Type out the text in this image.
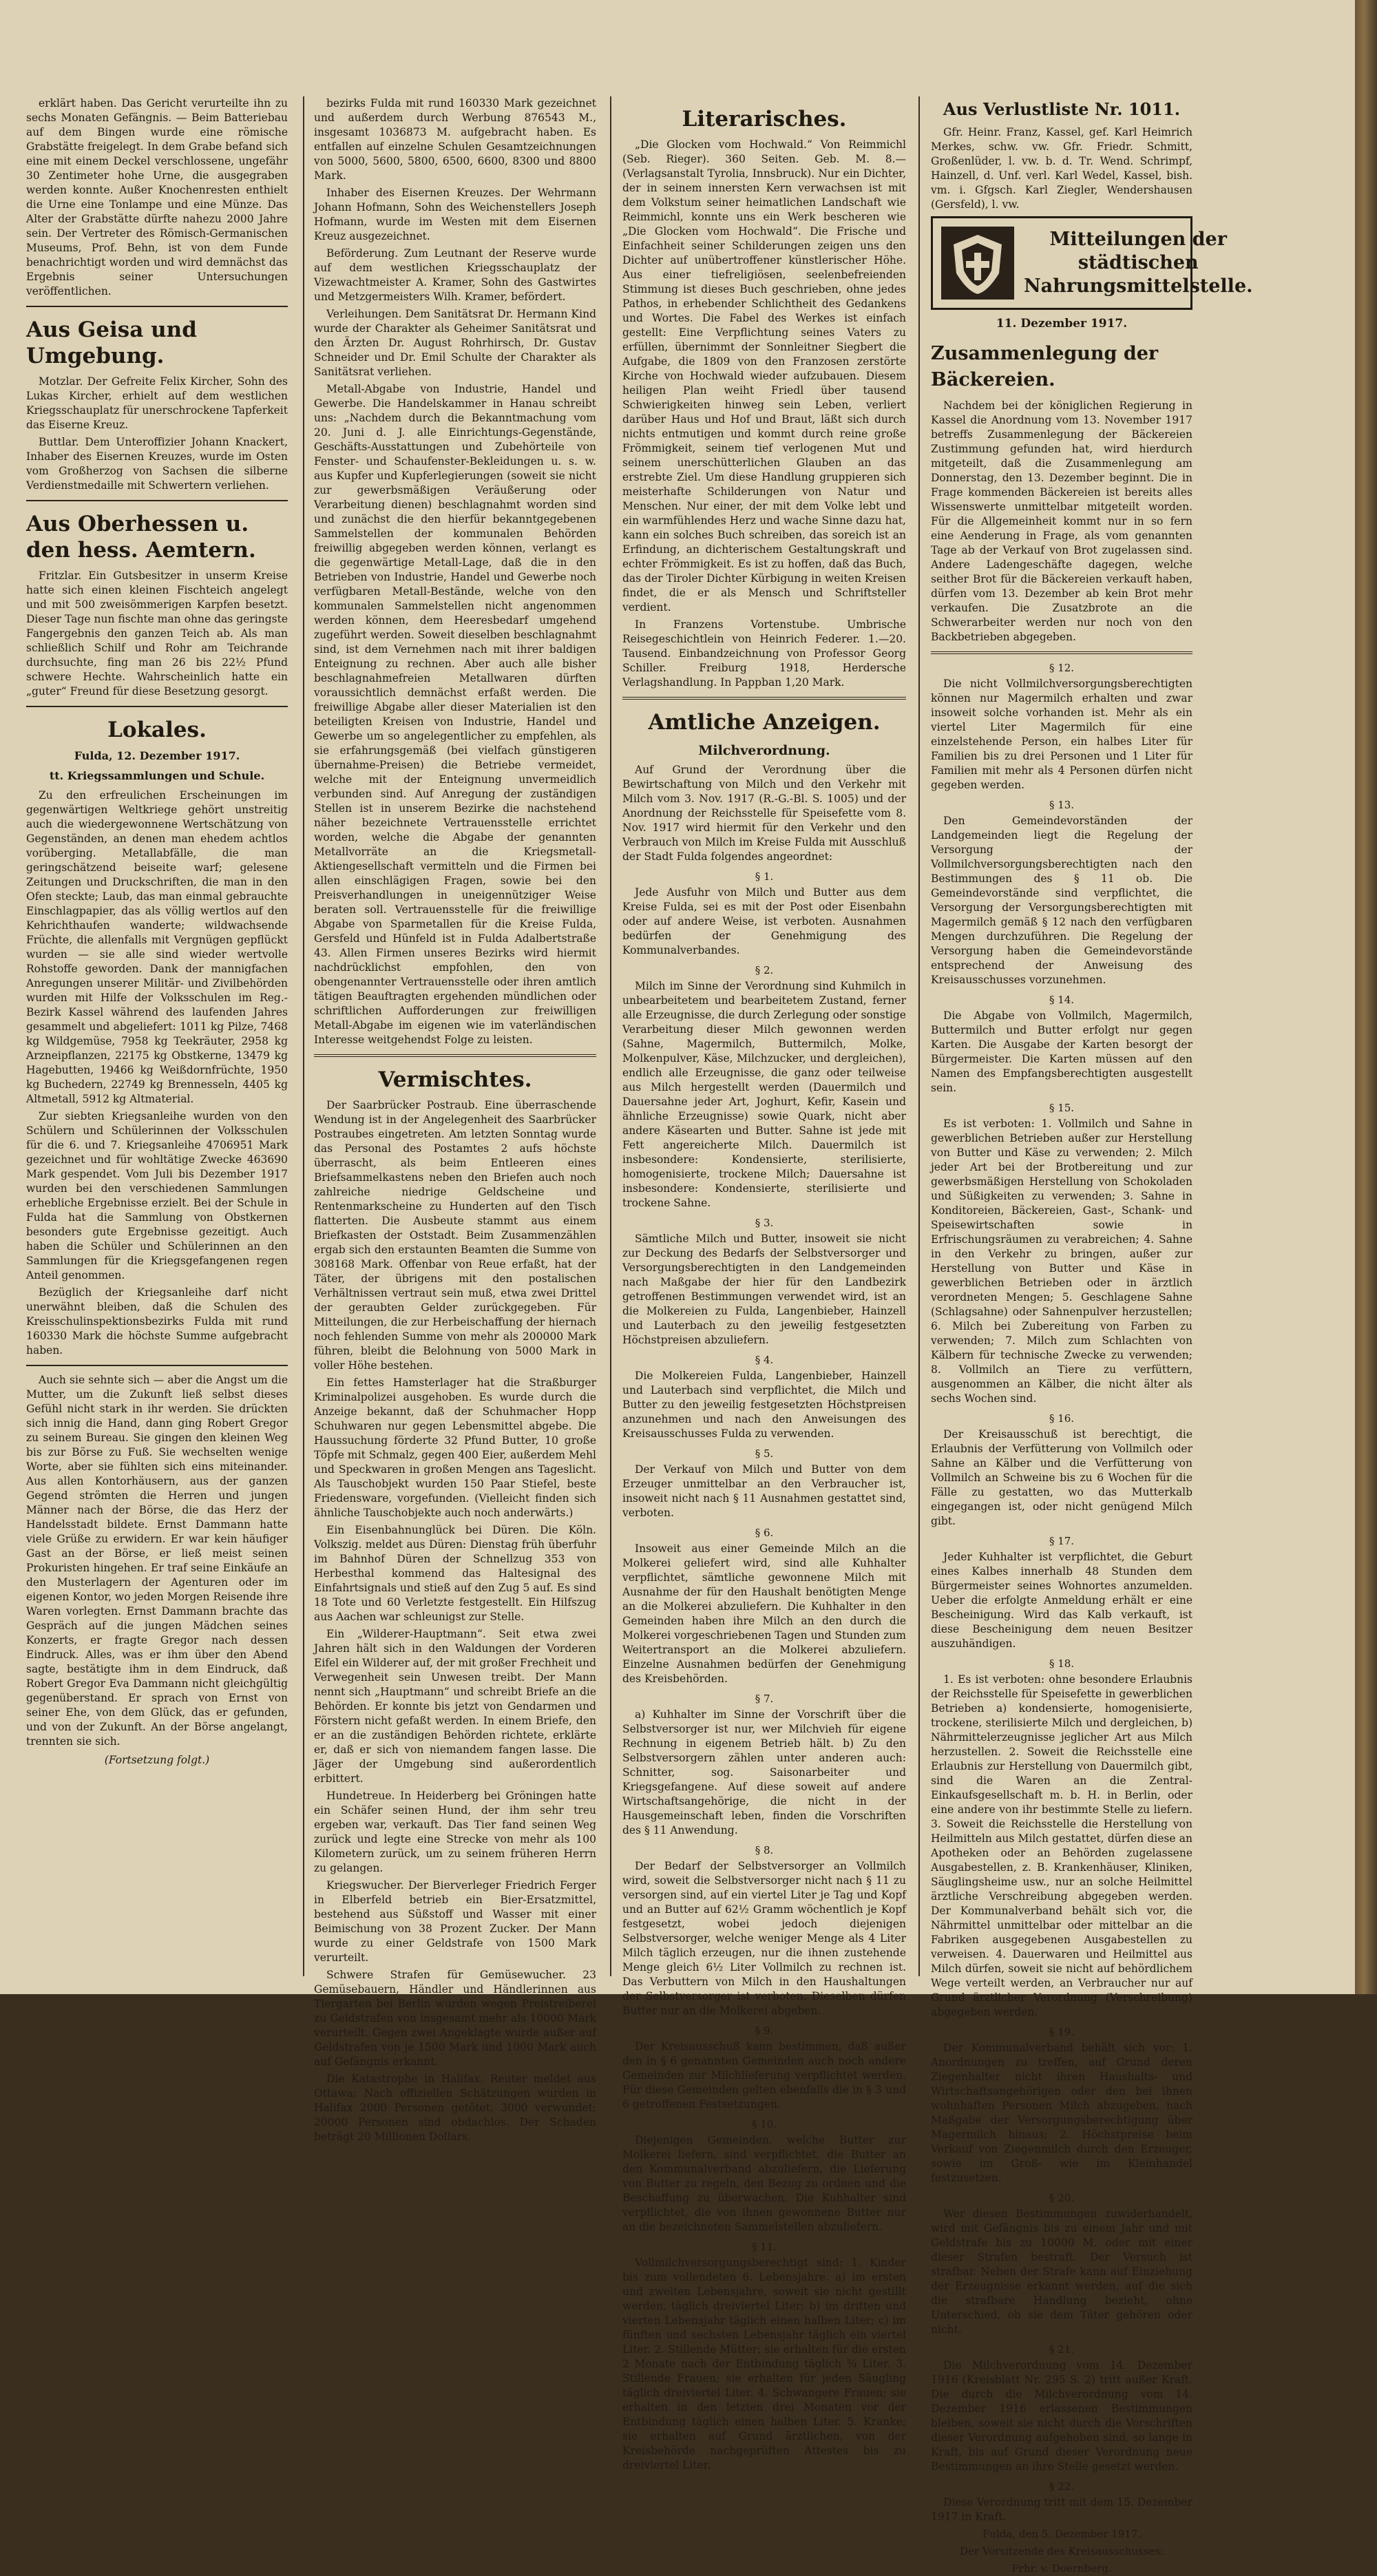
erklärt haben. Das Gericht verurteilte ihn zu sechs Monaten Gefängnis. — Beim Batteriebau auf dem Bingen wurde eine römische Grabstätte freigelegt. In dem Grabe befand sich eine mit einem Deckel verschlossene, ungefähr 30 Zentimeter hohe Urne, die ausgegraben werden konnte. Außer Knochenresten enthielt die Urne eine Tonlampe und eine Münze. Das Alter der Grabstätte dürfte nahezu 2000 Jahre sein. Der Vertreter des Römisch-Germanischen Museums, Prof. Behn, ist von dem Funde benachrichtigt worden und wird demnächst das Ergebnis seiner Untersuchungen veröffentlichen.

Aus Geisa und Umgebung.

Motzlar. Der Gefreite Felix Kircher, Sohn des Lukas Kircher, erhielt auf dem westlichen Kriegsschauplatz für unerschrockene Tapferkeit das Eiserne Kreuz.

Buttlar. Dem Unteroffizier Johann Knackert, Inhaber des Eisernen Kreuzes, wurde im Osten vom Großherzog von Sachsen die silberne Verdienstmedaille mit Schwertern verliehen.

Aus Oberhessen u. den hess. Aemtern.

Fritzlar. Ein Gutsbesitzer in unserm Kreise hatte sich einen kleinen Fischteich angelegt und mit 500 zweisömmerigen Karpfen besetzt. Dieser Tage nun fischte man ohne das geringste Fangergebnis den ganzen Teich ab. Als man schließlich Schilf und Rohr am Teichrande durchsuchte, fing man 26 bis 22½ Pfund schwere Hechte. Wahrscheinlich hatte ein „guter“ Freund für diese Besetzung gesorgt.

Lokales.
Fulda, 12. Dezember 1917.
tt. Kriegssammlungen und Schule.

Zu den erfreulichen Erscheinungen im gegenwärtigen Weltkriege gehört unstreitig auch die wiedergewonnene Wertschätzung von Gegenständen, an denen man ehedem achtlos vorüberging. Metallabfälle, die man geringschätzend beiseite warf; gelesene Zeitungen und Druckschriften, die man in den Ofen steckte; Laub, das man einmal gebrauchte Einschlagpapier, das als völlig wertlos auf den Kehrichthaufen wanderte; wildwachsende Früchte, die allenfalls mit Vergnügen gepflückt wurden — sie alle sind wieder wertvolle Rohstoffe geworden. Dank der mannigfachen Anregungen unserer Militär- und Zivilbehörden wurden mit Hilfe der Volksschulen im Reg.-Bezirk Kassel während des laufenden Jahres gesammelt und abgeliefert: 1011 kg Pilze, 7468 kg Wildgemüse, 7958 kg Teekräuter, 2958 kg Arzneipflanzen, 22175 kg Obstkerne, 13479 kg Hagebutten, 19466 kg Weißdornfrüchte, 1950 kg Buchedern, 22749 kg Brennesseln, 4405 kg Altmetall, 5912 kg Altmaterial.

Zur siebten Kriegsanleihe wurden von den Schülern und Schülerinnen der Volksschulen für die 6. und 7. Kriegsanleihe 4706951 Mark gezeichnet und für wohltätige Zwecke 463690 Mark gespendet. Vom Juli bis Dezember 1917 wurden bei den verschiedenen Sammlungen erhebliche Ergebnisse erzielt. Bei der Schule in Fulda hat die Sammlung von Obstkernen besonders gute Ergebnisse gezeitigt. Auch haben die Schüler und Schülerinnen an den Sammlungen für die Kriegsgefangenen regen Anteil genommen.

Bezüglich der Kriegsanleihe darf nicht unerwähnt bleiben, daß die Schulen des Kreisschulinspektionsbezirks Fulda mit rund 160330 Mark die höchste Summe aufgebracht haben.

Auch sie sehnte sich — aber die Angst um die Mutter, um die Zukunft ließ selbst dieses Gefühl nicht stark in ihr werden. Sie drückten sich innig die Hand, dann ging Robert Gregor zu seinem Bureau. Sie gingen den kleinen Weg bis zur Börse zu Fuß. Sie wechselten wenige Worte, aber sie fühlten sich eins miteinander. Aus allen Kontorhäusern, aus der ganzen Gegend strömten die Herren und jungen Männer nach der Börse, die das Herz der Handelsstadt bildete. Ernst Dammann hatte viele Grüße zu erwidern. Er war kein häufiger Gast an der Börse, er ließ meist seinen Prokuristen hingehen. Er traf seine Einkäufe an den Musterlagern der Agenturen oder im eigenen Kontor, wo jeden Morgen Reisende ihre Waren vorlegten. Ernst Dammann brachte das Gespräch auf die jungen Mädchen seines Konzerts, er fragte Gregor nach dessen Eindruck. Alles, was er ihm über den Abend sagte, bestätigte ihm in dem Eindruck, daß Robert Gregor Eva Dammann nicht gleichgültig gegenüberstand. Er sprach von Ernst von seiner Ehe, von dem Glück, das er gefunden, und von der Zukunft. An der Börse angelangt, trennten sie sich.

(Fortsetzung folgt.)

bezirks Fulda mit rund 160330 Mark gezeichnet und außerdem durch Werbung 876543 M., insgesamt 1036873 M. aufgebracht haben. Es entfallen auf einzelne Schulen Gesamtzeichnungen von 5000, 5600, 5800, 6500, 6600, 8300 und 8800 Mark.

Inhaber des Eisernen Kreuzes. Der Wehrmann Johann Hofmann, Sohn des Weichenstellers Joseph Hofmann, wurde im Westen mit dem Eisernen Kreuz ausgezeichnet.

Beförderung. Zum Leutnant der Reserve wurde auf dem westlichen Kriegsschauplatz der Vizewachtmeister A. Kramer, Sohn des Gastwirtes und Metzgermeisters Wilh. Kramer, befördert.

Verleihungen. Dem Sanitätsrat Dr. Hermann Kind wurde der Charakter als Geheimer Sanitätsrat und den Ärzten Dr. August Rohrhirsch, Dr. Gustav Schneider und Dr. Emil Schulte der Charakter als Sanitätsrat verliehen.

Metall-Abgabe von Industrie, Handel und Gewerbe. Die Handelskammer in Hanau schreibt uns: „Nachdem durch die Bekanntmachung vom 20. Juni d. J. alle Einrichtungs-Gegenstände, Geschäfts-Ausstattungen und Zubehörteile von Fenster- und Schaufenster-Bekleidungen u. s. w. aus Kupfer und Kupferlegierungen (soweit sie nicht zur gewerbsmäßigen Veräußerung oder Verarbeitung dienen) beschlagnahmt worden sind und zunächst die den hierfür bekanntgegebenen Sammelstellen der kommunalen Behörden freiwillig abgegeben werden können, verlangt es die gegenwärtige Metall-Lage, daß die in den Betrieben von Industrie, Handel und Gewerbe noch verfügbaren Metall-Bestände, welche von den kommunalen Sammelstellen nicht angenommen werden können, dem Heeresbedarf umgehend zugeführt werden. Soweit dieselben beschlagnahmt sind, ist dem Vernehmen nach mit ihrer baldigen Enteignung zu rechnen. Aber auch alle bisher beschlagnahmefreien Metallwaren dürften voraussichtlich demnächst erfaßt werden. Die freiwillige Abgabe aller dieser Materialien ist den beteiligten Kreisen von Industrie, Handel und Gewerbe um so angelegentlicher zu empfehlen, als sie erfahrungsgemäß (bei vielfach günstigeren übernahme-Preisen) die Betriebe vermeidet, welche mit der Enteignung unvermeidlich verbunden sind. Auf Anregung der zuständigen Stellen ist in unserem Bezirke die nachstehend näher bezeichnete Vertrauensstelle errichtet worden, welche die Abgabe der genannten Metallvorräte an die Kriegsmetall-Aktiengesellschaft vermitteln und die Firmen bei allen einschlägigen Fragen, sowie bei den Preisverhandlungen in uneigennütziger Weise beraten soll. Vertrauensstelle für die freiwillige Abgabe von Sparmetallen für die Kreise Fulda, Gersfeld und Hünfeld ist in Fulda Adalbertstraße 43. Allen Firmen unseres Bezirks wird hiermit nachdrücklichst empfohlen, den von obengenannter Vertrauensstelle oder ihren amtlich tätigen Beauftragten ergehenden mündlichen oder schriftlichen Aufforderungen zur freiwilligen Metall-Abgabe im eigenen wie im vaterländischen Interesse weitgehendst Folge zu leisten.

Vermischtes.

Der Saarbrücker Postraub. Eine überraschende Wendung ist in der Angelegenheit des Saarbrücker Postraubes eingetreten. Am letzten Sonntag wurde das Personal des Postamtes 2 aufs höchste überrascht, als beim Entleeren eines Briefsammelkastens neben den Briefen auch noch zahlreiche niedrige Geldscheine und Rentenmarkscheine zu Hunderten auf den Tisch flatterten. Die Ausbeute stammt aus einem Briefkasten der Oststadt. Beim Zusammenzählen ergab sich den erstaunten Beamten die Summe von 308168 Mark. Offenbar von Reue erfaßt, hat der Täter, der übrigens mit den postalischen Verhältnissen vertraut sein muß, etwa zwei Drittel der geraubten Gelder zurückgegeben. Für Mitteilungen, die zur Herbeischaffung der hiernach noch fehlenden Summe von mehr als 200000 Mark führen, bleibt die Belohnung von 5000 Mark in voller Höhe bestehen.

Ein fettes Hamsterlager hat die Straßburger Kriminalpolizei ausgehoben. Es wurde durch die Anzeige bekannt, daß der Schuhmacher Hopp Schuhwaren nur gegen Lebensmittel abgebe. Die Haussuchung förderte 32 Pfund Butter, 10 große Töpfe mit Schmalz, gegen 400 Eier, außerdem Mehl und Speckwaren in großen Mengen ans Tageslicht. Als Tauschobjekt wurden 150 Paar Stiefel, beste Friedensware, vorgefunden. (Vielleicht finden sich ähnliche Tauschobjekte auch noch anderwärts.)

Ein Eisenbahnunglück bei Düren. Die Köln. Volkszig. meldet aus Düren: Dienstag früh überfuhr im Bahnhof Düren der Schnellzug 353 von Herbesthal kommend das Haltesignal des Einfahrtsignals und stieß auf den Zug 5 auf. Es sind 18 Tote und 60 Verletzte festgestellt. Ein Hilfszug aus Aachen war schleunigst zur Stelle.

Ein „Wilderer-Hauptmann“. Seit etwa zwei Jahren hält sich in den Waldungen der Vorderen Eifel ein Wilderer auf, der mit großer Frechheit und Verwegenheit sein Unwesen treibt. Der Mann nennt sich „Hauptmann“ und schreibt Briefe an die Behörden. Er konnte bis jetzt von Gendarmen und Förstern nicht gefaßt werden. In einem Briefe, den er an die zuständigen Behörden richtete, erklärte er, daß er sich von niemandem fangen lasse. Die Jäger der Umgebung sind außerordentlich erbittert.

Hundetreue. In Heiderberg bei Gröningen hatte ein Schäfer seinen Hund, der ihm sehr treu ergeben war, verkauft. Das Tier fand seinen Weg zurück und legte eine Strecke von mehr als 100 Kilometern zurück, um zu seinem früheren Herrn zu gelangen.

Kriegswucher. Der Bierverleger Friedrich Ferger in Elberfeld betrieb ein Bier-Ersatzmittel, bestehend aus Süßstoff und Wasser mit einer Beimischung von 38 Prozent Zucker. Der Mann wurde zu einer Geldstrafe von 1500 Mark verurteilt.

Schwere Strafen für Gemüsewucher. 23 Gemüsebauern, Händler und Händlerinnen aus Tiergarten bei Berlin wurden wegen Preistreiberei zu Geldstrafen von insgesamt mehr als 10000 Mark verurteilt. Gegen zwei Angeklagte wurde außer auf Geldstrafen von je 1500 Mark und 1000 Mark auch auf Gefängnis erkannt.

Die Katastrophe in Halifax. Reuter meldet aus Ottawa: Nach offiziellen Schätzungen wurden in Halifax 2000 Personen getötet, 3000 verwundet; 20000 Personen sind obdachlos. Der Schaden beträgt 20 Millionen Dollars.

Literarisches.

„Die Glocken vom Hochwald.“ Von Reimmichl (Seb. Rieger). 360 Seiten. Geb. M. 8.— (Verlagsanstalt Tyrolia, Innsbruck). Nur ein Dichter, der in seinem innersten Kern verwachsen ist mit dem Volkstum seiner heimatlichen Landschaft wie Reimmichl, konnte uns ein Werk bescheren wie „Die Glocken vom Hochwald“. Die Frische und Einfachheit seiner Schilderungen zeigen uns den Dichter auf unübertroffener künstlerischer Höhe. Aus einer tiefreligiösen, seelenbefreienden Stimmung ist dieses Buch geschrieben, ohne jedes Pathos, in erhebender Schlichtheit des Gedankens und Wortes. Die Fabel des Werkes ist einfach gestellt: Eine Verpflichtung seines Vaters zu erfüllen, übernimmt der Sonnleitner Siegbert die Aufgabe, die 1809 von den Franzosen zerstörte Kirche von Hochwald wieder aufzubauen. Diesem heiligen Plan weiht Friedl über tausend Schwierigkeiten hinweg sein Leben, verliert darüber Haus und Hof und Braut, läßt sich durch nichts entmutigen und kommt durch reine große Frömmigkeit, seinem tief verlogenen Mut und seinem unerschütterlichen Glauben an das erstrebte Ziel. Um diese Handlung gruppieren sich meisterhafte Schilderungen von Natur und Menschen. Nur einer, der mit dem Volke lebt und ein warmfühlendes Herz und wache Sinne dazu hat, kann ein solches Buch schreiben, das soreich ist an Erfindung, an dichterischem Gestaltungskraft und echter Frömmigkeit. Es ist zu hoffen, daß das Buch, das der Tiroler Dichter Kürbigung in weiten Kreisen findet, die er als Mensch und Schriftsteller verdient.

In Franzens Vortenstube. Umbrische Reisegeschichtlein von Heinrich Federer. 1.—20. Tausend. Einbandzeichnung von Professor Georg Schiller. Freiburg 1918, Herdersche Verlagshandlung. In Pappban 1,20 Mark.

Amtliche Anzeigen.
Milchverordnung.

Auf Grund der Verordnung über die Bewirtschaftung von Milch und den Verkehr mit Milch vom 3. Nov. 1917 (R.-G.-Bl. S. 1005) und der Anordnung der Reichsstelle für Speisefette vom 8. Nov. 1917 wird hiermit für den Verkehr und den Verbrauch von Milch im Kreise Fulda mit Ausschluß der Stadt Fulda folgendes angeordnet:

§ 1.

Jede Ausfuhr von Milch und Butter aus dem Kreise Fulda, sei es mit der Post oder Eisenbahn oder auf andere Weise, ist verboten. Ausnahmen bedürfen der Genehmigung des Kommunalverbandes.

§ 2.

Milch im Sinne der Verordnung sind Kuhmilch in unbearbeitetem und bearbeitetem Zustand, ferner alle Erzeugnisse, die durch Zerlegung oder sonstige Verarbeitung dieser Milch gewonnen werden (Sahne, Magermilch, Buttermilch, Molke, Molkenpulver, Käse, Milchzucker, und dergleichen), endlich alle Erzeugnisse, die ganz oder teilweise aus Milch hergestellt werden (Dauermilch und Dauersahne jeder Art, Joghurt, Kefir, Kasein und ähnliche Erzeugnisse) sowie Quark, nicht aber andere Käsearten und Butter. Sahne ist jede mit Fett angereicherte Milch. Dauermilch ist insbesondere: Kondensierte, sterilisierte, homogenisierte, trockene Milch; Dauersahne ist insbesondere: Kondensierte, sterilisierte und trockene Sahne.

§ 3.

Sämtliche Milch und Butter, insoweit sie nicht zur Deckung des Bedarfs der Selbstversorger und Versorgungsberechtigten in den Landgemeinden nach Maßgabe der hier für den Landbezirk getroffenen Bestimmungen verwendet wird, ist an die Molkereien zu Fulda, Langenbieber, Hainzell und Lauterbach zu den jeweilig festgesetzten Höchstpreisen abzuliefern.

§ 4.

Die Molkereien Fulda, Langenbieber, Hainzell und Lauterbach sind verpflichtet, die Milch und Butter zu den jeweilig festgesetzten Höchstpreisen anzunehmen und nach den Anweisungen des Kreisausschusses Fulda zu verwenden.

§ 5.

Der Verkauf von Milch und Butter von dem Erzeuger unmittelbar an den Verbraucher ist, insoweit nicht nach § 11 Ausnahmen gestattet sind, verboten.

§ 6.

Insoweit aus einer Gemeinde Milch an die Molkerei geliefert wird, sind alle Kuhhalter verpflichtet, sämtliche gewonnene Milch mit Ausnahme der für den Haushalt benötigten Menge an die Molkerei abzuliefern. Die Kuhhalter in den Gemeinden haben ihre Milch an den durch die Molkerei vorgeschriebenen Tagen und Stunden zum Weitertransport an die Molkerei abzuliefern. Einzelne Ausnahmen bedürfen der Genehmigung des Kreisbehörden.

§ 7.

a) Kuhhalter im Sinne der Vorschrift über die Selbstversorger ist nur, wer Milchvieh für eigene Rechnung in eigenem Betrieb hält. b) Zu den Selbstversorgern zählen unter anderen auch: Schnitter, sog. Saisonarbeiter und Kriegsgefangene. Auf diese soweit auf andere Wirtschaftsangehörige, die nicht in der Hausgemeinschaft leben, finden die Vorschriften des § 11 Anwendung.

§ 8.

Der Bedarf der Selbstversorger an Vollmilch wird, soweit die Selbstversorger nicht nach § 11 zu versorgen sind, auf ein viertel Liter je Tag und Kopf und an Butter auf 62½ Gramm wöchentlich je Kopf festgesetzt, wobei jedoch diejenigen Selbstversorger, welche weniger Menge als 4 Liter Milch täglich erzeugen, nur die ihnen zustehende Menge gleich 6½ Liter Vollmilch zu rechnen ist. Das Verbuttern von Milch in den Haushaltungen der Selbstversorger ist verboten. Dieselben dürfen Butter nur an die Molkerei abgeben.

§ 9.

Der Kreisausschuß kann bestimmen, daß außer den in § 6 genannten Gemeinden auch noch andere Gemeinden zur Milchlieferung verpflichtet werden. Für diese Gemeinden gelten ebenfalls die in § 3 und 6 getroffenen Festsetzungen.

§ 10.

Diejenigen Gemeinden, welche Butter zur Molkerei liefern, sind verpflichtet, die Butter an den Kommunalverband abzuliefern, die Lieferung von Butter zu regeln, den Bezug zu ordnen und die Beschaffung zu überwachen. Die Kuhhalter sind verpflichtet, die von ihnen gewonnene Butter nur an die bezeichneten Sammelstellen abzuliefern.

§ 11.

Vollmilchversorgungsberechtigt sind: 1. Kinder bis zum vollendeten 6. Lebensjahre. a) im ersten und zweiten Lebensjahre, soweit sie nicht gestillt werden, täglich dreiviertel Liter; b) im dritten und vierten Lebensjahr täglich einen halben Liter; c) im fünften und sechsten Lebensjahr täglich ein viertel Liter. 2. Stillende Mütter; sie erhalten für die ersten 2 Monate nach der Entbindung täglich ¾ Liter. 3. Stillende Frauen; sie erhalten für jeden Säugling täglich dreiviertel Liter. 4. Schwangere Frauen; sie erhalten in den letzten drei Monaten vor der Entbindung täglich einen halben Liter. 5. Kranke; sie erhalten auf Grund ärztlichen, von der Kreisbehörde nachgeprüften Attestes bis zu dreiviertel Liter.

Aus Verlustliste Nr. 1011.

Gfr. Heinr. Franz, Kassel, gef. Karl Heimrich Merkes, schw. vw. Gfr. Friedr. Schmitt, Großenlüder, l. vw. b. d. Tr. Wend. Schrimpf, Hainzell, d. Unf. verl. Karl Wedel, Kassel, bish. vm. i. Gfgsch. Karl Ziegler, Wendershausen (Gersfeld), l. vw.

Mitteilungen der städtischen Nahrungsmittelstelle.
11. Dezember 1917.
Zusammenlegung der Bäckereien.

Nachdem bei der königlichen Regierung in Kassel die Anordnung vom 13. November 1917 betreffs Zusammenlegung der Bäckereien Zustimmung gefunden hat, wird hierdurch mitgeteilt, daß die Zusammenlegung am Donnerstag, den 13. Dezember beginnt. Die in Frage kommenden Bäckereien ist bereits alles Wissenswerte unmittelbar mitgeteilt worden. Für die Allgemeinheit kommt nur in so fern eine Aenderung in Frage, als vom genannten Tage ab der Verkauf von Brot zugelassen sind. Andere Ladengeschäfte dagegen, welche seither Brot für die Bäckereien verkauft haben, dürfen vom 13. Dezember ab kein Brot mehr verkaufen. Die Zusatzbrote an die Schwerarbeiter werden nur noch von den Backbetrieben abgegeben.

§ 12.

Die nicht Vollmilchversorgungsberechtigten können nur Magermilch erhalten und zwar insoweit solche vorhanden ist. Mehr als ein viertel Liter Magermilch für eine einzelstehende Person, ein halbes Liter für Familien bis zu drei Personen und 1 Liter für Familien mit mehr als 4 Personen dürfen nicht gegeben werden.

§ 13.

Den Gemeindevorständen der Landgemeinden liegt die Regelung der Versorgung der Vollmilchversorgungsberechtigten nach den Bestimmungen des § 11 ob. Die Gemeindevorstände sind verpflichtet, die Versorgung der Versorgungsberechtigten mit Magermilch gemäß § 12 nach den verfügbaren Mengen durchzuführen. Die Regelung der Versorgung haben die Gemeindevorstände entsprechend der Anweisung des Kreisausschusses vorzunehmen.

§ 14.

Die Abgabe von Vollmilch, Magermilch, Buttermilch und Butter erfolgt nur gegen Karten. Die Ausgabe der Karten besorgt der Bürgermeister. Die Karten müssen auf den Namen des Empfangsberechtigten ausgestellt sein.

§ 15.

Es ist verboten: 1. Vollmilch und Sahne in gewerblichen Betrieben außer zur Herstellung von Butter und Käse zu verwenden; 2. Milch jeder Art bei der Brotbereitung und zur gewerbsmäßigen Herstellung von Schokoladen und Süßigkeiten zu verwenden; 3. Sahne in Konditoreien, Bäckereien, Gast-, Schank- und Speisewirtschaften sowie in Erfrischungsräumen zu verabreichen; 4. Sahne in den Verkehr zu bringen, außer zur Herstellung von Butter und Käse in gewerblichen Betrieben oder in ärztlich verordneten Mengen; 5. Geschlagene Sahne (Schlagsahne) oder Sahnenpulver herzustellen; 6. Milch bei Zubereitung von Farben zu verwenden; 7. Milch zum Schlachten von Kälbern für technische Zwecke zu verwenden; 8. Vollmilch an Tiere zu verfüttern, ausgenommen an Kälber, die nicht älter als sechs Wochen sind.

§ 16.

Der Kreisausschuß ist berechtigt, die Erlaubnis der Verfütterung von Vollmilch oder Sahne an Kälber und die Verfütterung von Vollmilch an Schweine bis zu 6 Wochen für die Fälle zu gestatten, wo das Mutterkalb eingegangen ist, oder nicht genügend Milch gibt.

§ 17.

Jeder Kuhhalter ist verpflichtet, die Geburt eines Kalbes innerhalb 48 Stunden dem Bürgermeister seines Wohnortes anzumelden. Ueber die erfolgte Anmeldung erhält er eine Bescheinigung. Wird das Kalb verkauft, ist diese Bescheinigung dem neuen Besitzer auszuhändigen.

§ 18.

1. Es ist verboten: ohne besondere Erlaubnis der Reichsstelle für Speisefette in gewerblichen Betrieben a) kondensierte, homogenisierte, trockene, sterilisierte Milch und dergleichen, b) Nährmittelerzeugnisse jeglicher Art aus Milch herzustellen. 2. Soweit die Reichsstelle eine Erlaubnis zur Herstellung von Dauermilch gibt, sind die Waren an die Zentral-Einkaufsgesellschaft m. b. H. in Berlin, oder eine andere von ihr bestimmte Stelle zu liefern. 3. Soweit die Reichsstelle die Herstellung von Heilmitteln aus Milch gestattet, dürfen diese an Apotheken oder an Behörden zugelassene Ausgabestellen, z. B. Krankenhäuser, Kliniken, Säuglingsheime usw., nur an solche Heilmittel ärztliche Verschreibung abgegeben werden. Der Kommunalverband behält sich vor, die Nährmittel unmittelbar oder mittelbar an die Fabriken ausgegebenen Ausgabestellen zu verweisen. 4. Dauerwaren und Heilmittel aus Milch dürfen, soweit sie nicht auf behördlichem Wege verteilt werden, an Verbraucher nur auf Grund ärztlicher Verordnung (Verschreibung) abgegeben werden.

§ 19.

Der Kommunalverband behält sich vor: 1. Anordnungen zu treffen, auf Grund deren Ziegenhalter nicht ihren Haushalts- und Wirtschaftsangehörigen oder den bei ihnen wohnhaften Personen Milch abzugeben, nach Maßgabe der Versorgungsberechtigung über Magermilch hinaus; 2. Höchstpreise beim Verkauf von Ziegenmilch durch den Erzeuger, sowie im Groß- wie im Kleinhandel festzusetzen.

§ 20.

Wer diesen Bestimmungen zuwiderhandelt, wird mit Gefängnis bis zu einem Jahr und mit Geldstrafe bis zu 10000 M. oder mit einer dieser Strafen bestraft. Der Versuch ist strafbar. Neben der Strafe kann auf Einziehung der Erzeugnisse erkannt werden, auf die sich die strafbare Handlung bezieht, ohne Unterschied, ob sie dem Täter gehören oder nicht.

§ 21.

Die Milchverordnung vom 14. Dezember 1916 (Kreisblatt Nr. 295 S. 2) tritt außer Kraft. Die durch die Milchverordnung vom 14. Dezember 1916 erlassenen Bestimmungen bleiben, soweit sie nicht durch die Vorschriften dieser Verordnung aufgehoben sind, so lange in Kraft, bis auf Grund dieser Verordnung neue Bestimmungen an ihre Stelle gesetzt werden.

§ 22.

Diese Verordnung tritt mit dem 15. Dezember 1917 in Kraft.

Fulda, den 5. Dezember 1917.
Der Vorsitzende des Kreisausschusses:
Frhr. v. Doernberg.
